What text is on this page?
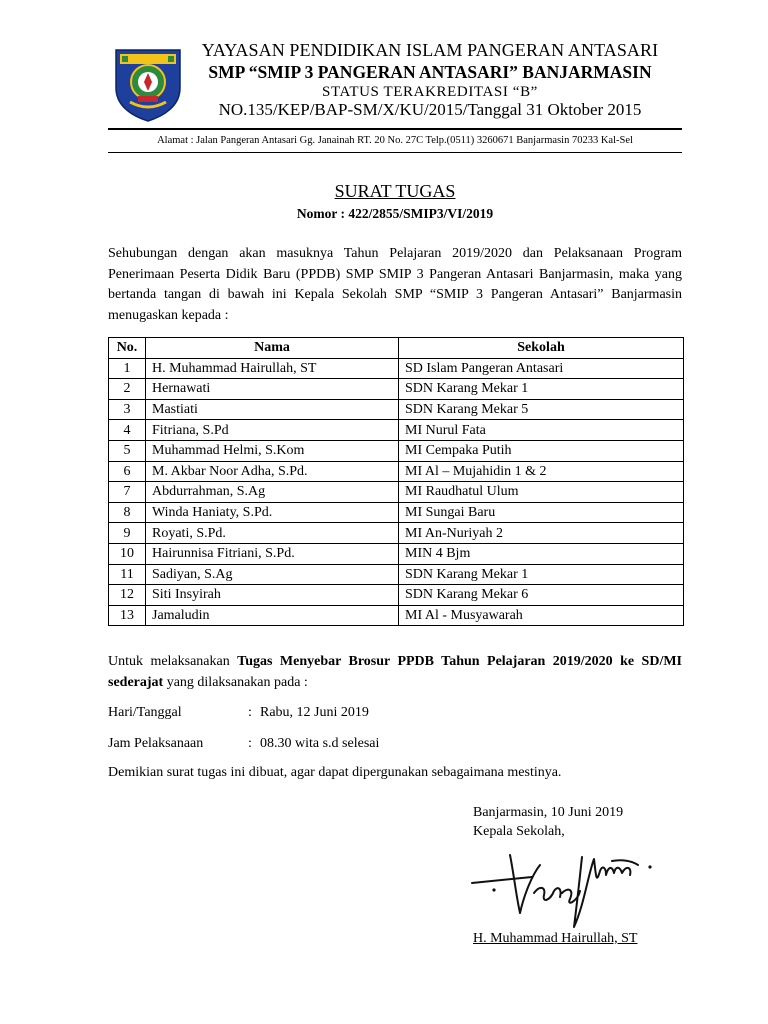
YAYASAN PENDIDIKAN ISLAM PANGERAN ANTASARI
SMP “SMIP 3 PANGERAN ANTASARI” BANJARMASIN
STATUS TERAKREDITASI “B”
NO.135/KEP/BAP-SM/X/KU/2015/Tanggal 31 Oktober 2015
Alamat : Jalan Pangeran Antasari Gg. Janainah RT. 20 No. 27C Telp.(0511) 3260671 Banjarmasin 70233 Kal-Sel
SURAT TUGAS
Nomor : 422/2855/SMIP3/VI/2019
Sehubungan dengan akan masuknya Tahun Pelajaran 2019/2020 dan Pelaksanaan Program Penerimaan Peserta Didik Baru (PPDB) SMP SMIP 3 Pangeran Antasari Banjarmasin, maka yang bertanda tangan di bawah ini Kepala Sekolah SMP “SMIP 3 Pangeran Antasari” Banjarmasin menugaskan kepada :
No.	Nama	Sekolah
1	H. Muhammad Hairullah, ST	SD Islam Pangeran Antasari
2	Hernawati	SDN Karang Mekar 1
3	Mastiati	SDN Karang Mekar 5
4	Fitriana, S.Pd	MI Nurul Fata
5	Muhammad Helmi, S.Kom	MI Cempaka Putih
6	M. Akbar Noor Adha, S.Pd.	MI Al – Mujahidin 1 & 2
7	Abdurrahman, S.Ag	MI Raudhatul Ulum
8	Winda Haniaty, S.Pd.	MI Sungai Baru
9	Royati, S.Pd.	MI An-Nuriyah 2
10	Hairunnisa Fitriani, S.Pd.	MIN 4 Bjm
11	Sadiyan, S.Ag	SDN Karang Mekar 1
12	Siti Insyirah	SDN Karang Mekar 6
13	Jamaludin	MI Al - Musyawarah
Untuk melaksanakan Tugas Menyebar Brosur PPDB Tahun Pelajaran 2019/2020 ke SD/MI sederajat yang dilaksanakan pada :
Hari/Tanggal	: Rabu, 12 Juni 2019
Jam Pelaksanaan	: 08.30 wita s.d selesai
Demikian surat tugas ini dibuat, agar dapat dipergunakan sebagaimana mestinya.
Banjarmasin, 10 Juni 2019
Kepala Sekolah,
H. Muhammad Hairullah, ST
